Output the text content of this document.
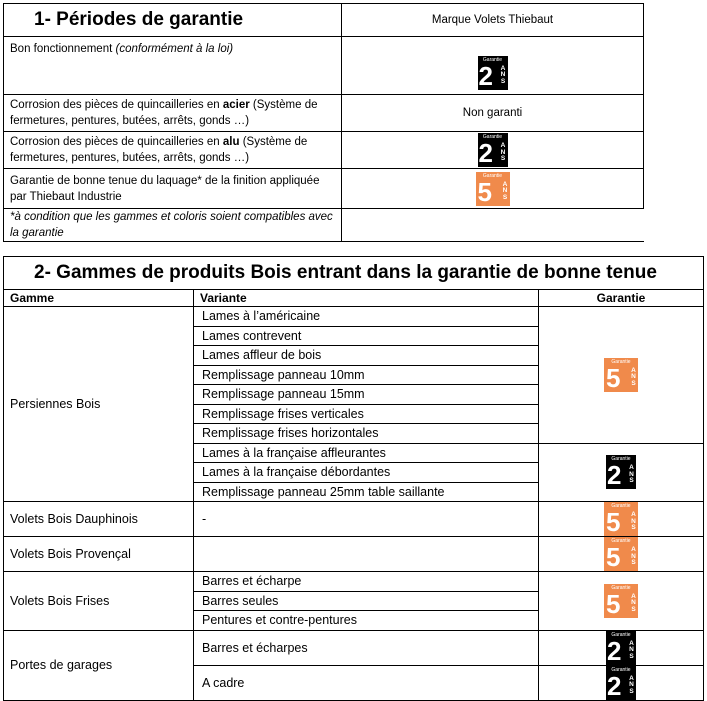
1- Périodes de garantie	Marque Volets Thiebaut
Bon fonctionnement (conformément à la loi)	Garantie
2 ANS

Corrosion des pièces de quincailleries en acier (Système de fermetures, pentures, butées, arrêts, gonds …)	Non garanti
Corrosion des pièces de quincailleries en alu (Système de fermetures, pentures, butées, arrêts, gonds …)	Garantie
2 ANS

Garantie de bonne tenue du laquage* de la finition appliquée par Thiebaut Industrie	Garantie
5 ANS

*à condition que les gammes et coloris soient compatibles avec la garantie	
2- Gammes de produits Bois entrant dans la garantie de bonne tenue		
Gamme	Variante	Garantie
Persiennes Bois	Lames à l’américaine	Garantie
5 ANS

	Lames contrevent	
	Lames affleur de bois	
	Remplissage panneau 10mm	
	Remplissage panneau 15mm	
	Remplissage frises verticales	
	Remplissage frises horizontales	
	Lames à la française affleurantes	Garantie
2 ANS

	Lames à la française débordantes	
	Remplissage panneau 25mm table saillante	
Volets Bois Dauphinois	-	Garantie
5 ANS

Volets Bois Provençal		Garantie
5 ANS

Volets Bois Frises	Barres et écharpe	Garantie
5 ANS

	Barres seules	
	Pentures et contre-pentures	
Portes de garages	Barres et écharpes	Garantie
2 ANS

	A cadre	Garantie
2 ANS
